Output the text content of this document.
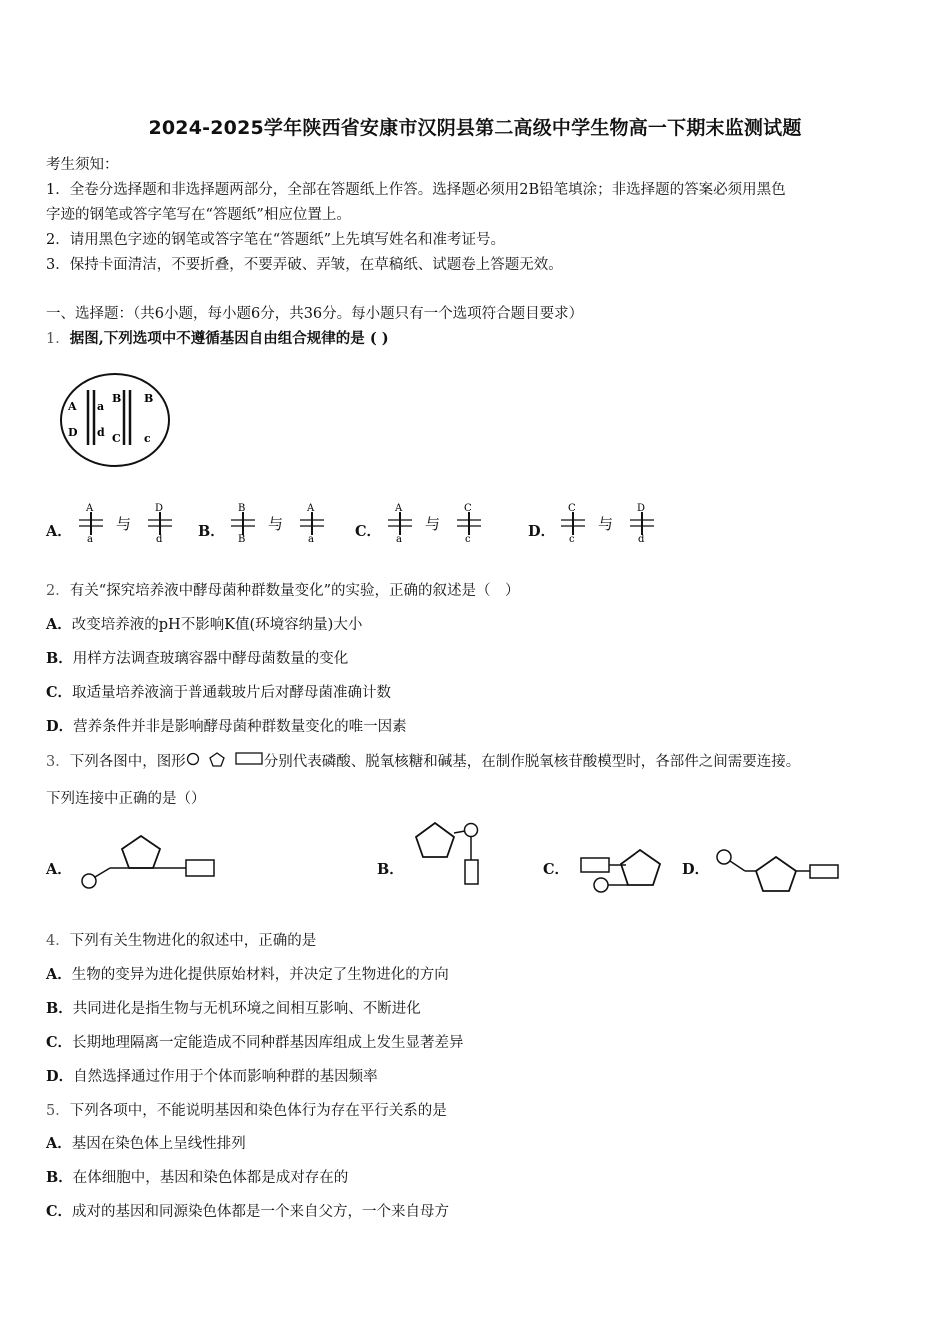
2024-2025学年陕西省安康市汉阴县第二高级中学生物高一下期末监测试题
考生须知：
1．全卷分选择题和非选择题两部分，全部在答题纸上作答。选择题必须用2B铅笔填涂；非选择题的答案必须用黑色
字迹的钢笔或答字笔写在“答题纸”相应位置上。
2．请用黑色字迹的钢笔或答字笔在“答题纸”上先填写姓名和准考证号。
3．保持卡面清洁，不要折叠，不要弄破、弄皱，在草稿纸、试题卷上答题无效。
一、选择题：（共6小题，每小题6分，共36分。每小题只有一个选项符合题目要求）
1．据图,下列选项中不遵循基因自由组合规律的是 ( )
A a
D d
B B
C c
A．
A
a
与
D
d B．
B
B
与
A
a	C．
A
a
与
C
c	D．
C
c
与
D
d
2．有关“探究培养液中酵母菌种群数量变化”的实验，正确的叙述是（　）
A．改变培养液的pH不影响K值(环境容纳量)大小
B．用样方法调查玻璃容器中酵母菌数量的变化
C．取适量培养液滴于普通载玻片后对酵母菌准确计数
D．营养条件并非是影响酵母菌种群数量变化的唯一因素
3．下列各图中，图形	分别代表磷酸、脱氧核糖和碱基，在制作脱氧核苷酸模型时，各部件之间需要连接。
下列连接中正确的是（）
A．	B．	C．	D．
4．下列有关生物进化的叙述中，正确的是
A．生物的变异为进化提供原始材料，并决定了生物进化的方向
B．共同进化是指生物与无机环境之间相互影响、不断进化
C．长期地理隔离一定能造成不同种群基因库组成上发生显著差异
D．自然选择通过作用于个体而影响种群的基因频率
5．下列各项中，不能说明基因和染色体行为存在平行关系的是
A．基因在染色体上呈线性排列
B．在体细胞中，基因和染色体都是成对存在的
C．成对的基因和同源染色体都是一个来自父方，一个来自母方
